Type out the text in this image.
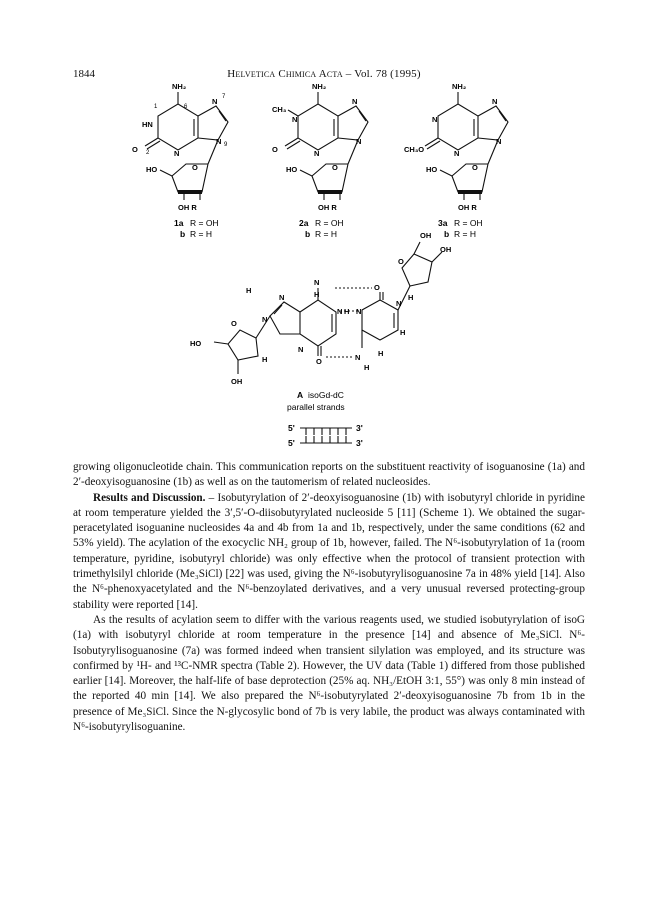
1844	Helvetica Chimica Acta – Vol. 78 (1995)
NH₂
HN
O	N
N
N
1	6
7
2
9
HO	O
OH R
NH₂
CH₃
N
O	N
N
N
HO	O
OH R
NH₂
N
CH₃O	N
N
N
HO	O
OH R
1a R = OH
b R = H
2a R = OH
b R = H
3a R = OH
b R = H
H
N
N
H
N
N H
N
O
O
N
N
H
N H
H
HO
O
H
OH
H
O
OH
OH
A isoGd-dC
parallel strands
5'	3'
5'	3'

growing oligonucleotide chain. This communication reports on the substituent reactivity of isoguanosine (1a) and 2′-deoxyisoguanosine (1b) as well as on the tautomerism of related nucleosides.

Results and Discussion. – Isobutyrylation of 2′-deoxyisoguanosine (1b) with isobutyryl chloride in pyridine at room temperature yielded the 3′,5′-O-diisobutyrylated nucleoside 5 [11] (Scheme 1). We obtained the sugar-peracetylated isoguanine nucleosides 4a and 4b from 1a and 1b, respectively, under the same conditions (62 and 53% yield). The acylation of the exocyclic NH₂ group of 1b, however, failed. The N⁶-isobutyrylation of 1a (room temperature, pyridine, isobutyryl chloride) was only effective when the protocol of transient protection with trimethylsilyl chloride (Me₃SiCl) [22] was used, giving the N⁶-isobutyrylisoguanosine 7a in 48% yield [14]. Also the N⁶-phenoxyacetylated and the N⁶-benzoylated derivatives, and a very unusual reversed protecting-group stability were reported [14].

As the results of acylation seem to differ with the various reagents used, we studied isobutyrylation of isoG (1a) with isobutyryl chloride at room temperature in the presence [14] and absence of Me₃SiCl. N⁶-Isobutyrylisoguanosine (7a) was formed indeed when transient silylation was employed, and its structure was confirmed by ¹H- and ¹³C-NMR spectra (Table 2). However, the UV data (Table 1) differed from those published earlier [14]. Moreover, the half-life of base deprotection (25% aq. NH₃/EtOH 3:1, 55°) was only 8 min instead of the reported 40 min [14]. We also prepared the N⁶-isobutyrylated 2′-deoxyisoguanosine 7b from 1b in the presence of Me₃SiCl. Since the N-glycosylic bond of 7b is very labile, the product was always contaminated with N⁶-isobutyrylisoguanine.
